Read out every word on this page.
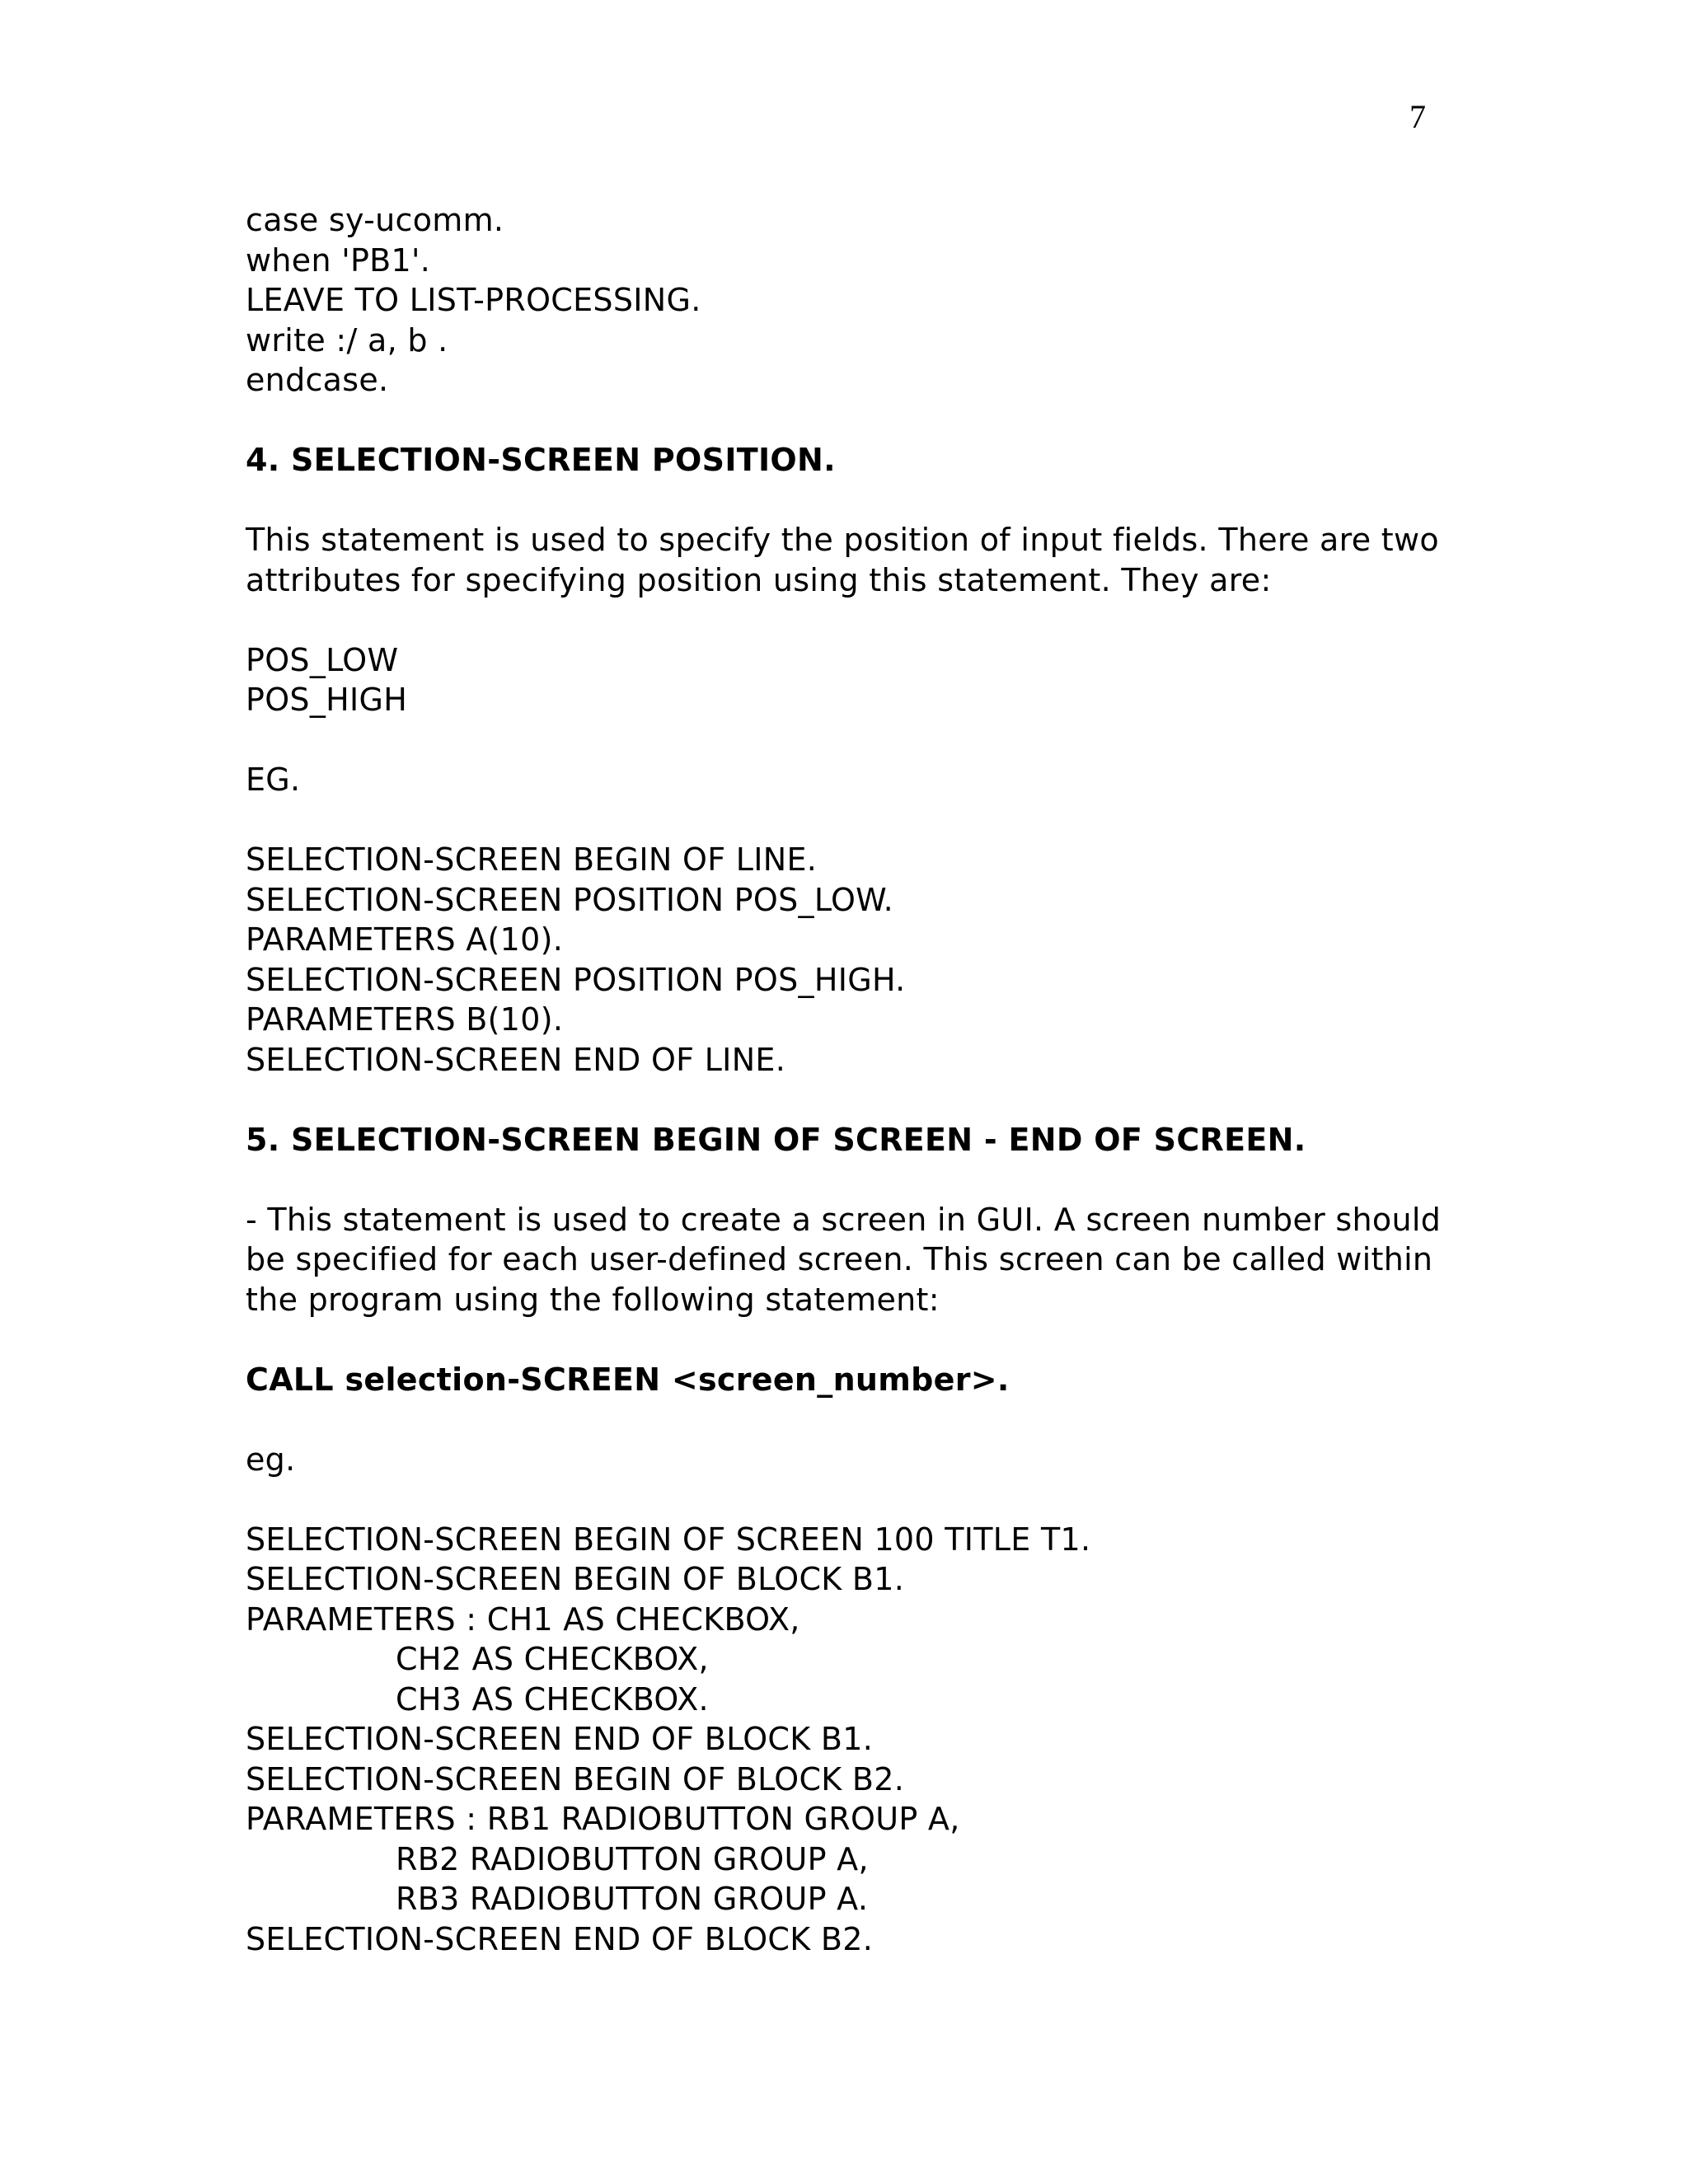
7
case sy-ucomm.
when 'PB1'.
LEAVE TO LIST-PROCESSING.
write :/ a, b .
endcase.
4. SELECTION-SCREEN POSITION.
This statement is used to specify the position of input fields. There are two
attributes for specifying position using this statement. They are:
POS_LOW
POS_HIGH
EG.
SELECTION-SCREEN BEGIN OF LINE.
SELECTION-SCREEN POSITION POS_LOW.
PARAMETERS A(10).
SELECTION-SCREEN POSITION POS_HIGH.
PARAMETERS B(10).
SELECTION-SCREEN END OF LINE.
5. SELECTION-SCREEN BEGIN OF SCREEN - END OF SCREEN.
- This statement is used to create a screen in GUI. A screen number should
be specified for each user-defined screen. This screen can be called within
the program using the following statement:
CALL selection-SCREEN <screen_number>.
eg.
SELECTION-SCREEN BEGIN OF SCREEN 100 TITLE T1.
SELECTION-SCREEN BEGIN OF BLOCK B1.
PARAMETERS : CH1 AS CHECKBOX,
CH2 AS CHECKBOX,
CH3 AS CHECKBOX.
SELECTION-SCREEN END OF BLOCK B1.
SELECTION-SCREEN BEGIN OF BLOCK B2.
PARAMETERS : RB1 RADIOBUTTON GROUP A,
RB2 RADIOBUTTON GROUP A,
RB3 RADIOBUTTON GROUP A.
SELECTION-SCREEN END OF BLOCK B2.
